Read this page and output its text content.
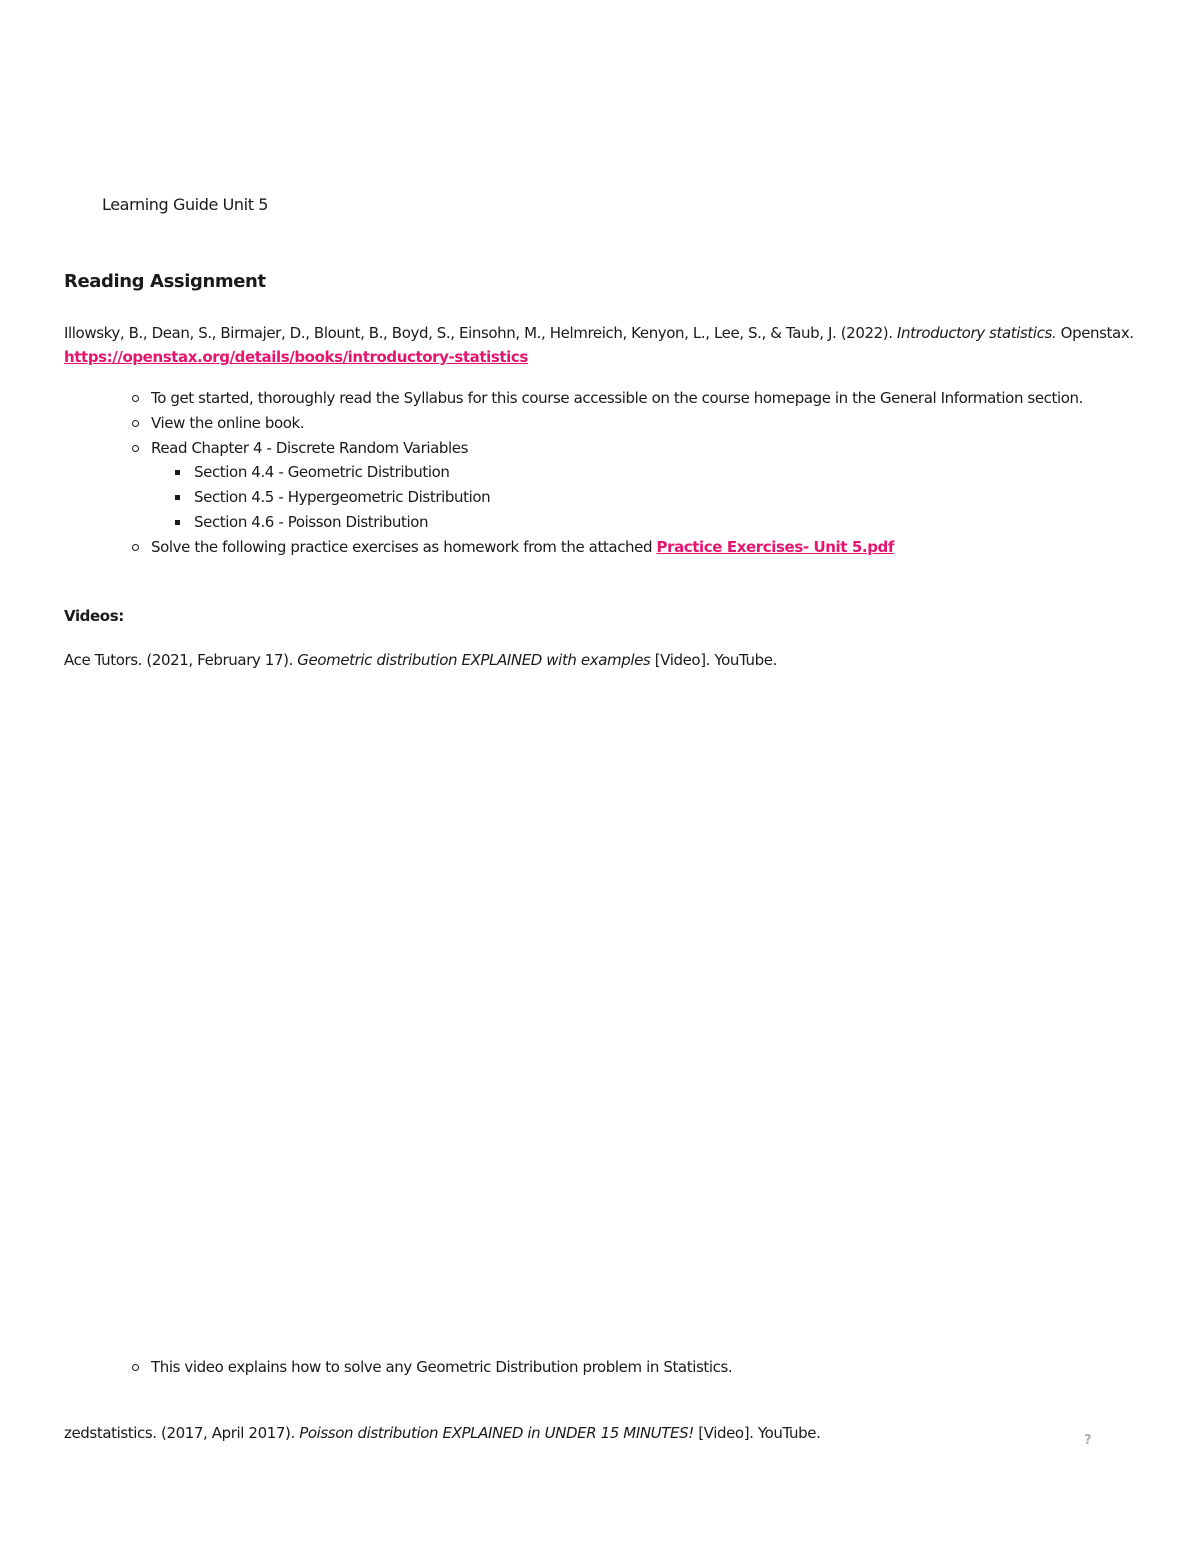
Learning Guide Unit 5

Reading Assignment

Illowsky, B., Dean, S., Birmajer, D., Blount, B., Boyd, S., Einsohn, M., Helmreich, Kenyon, L., Lee, S., & Taub, J. (2022). Introductory statistics. Openstax. https://openstax.org/details/books/introductory-statistics

To get started, thoroughly read the Syllabus for this course accessible on the course homepage in the General Information section.
View the online book.
Read Chapter 4 - Discrete Random Variables
Section 4.4 - Geometric Distribution
Section 4.5 - Hypergeometric Distribution
Section 4.6 - Poisson Distribution
Solve the following practice exercises as homework from the attached Practice Exercises- Unit 5.pdf

Videos:

Ace Tutors. (2021, February 17). Geometric distribution EXPLAINED with examples [Video]. YouTube.

This video explains how to solve any Geometric Distribution problem in Statistics.

zedstatistics. (2017, April 2017). Poisson distribution EXPLAINED in UNDER 15 MINUTES! [Video]. YouTube.	?
